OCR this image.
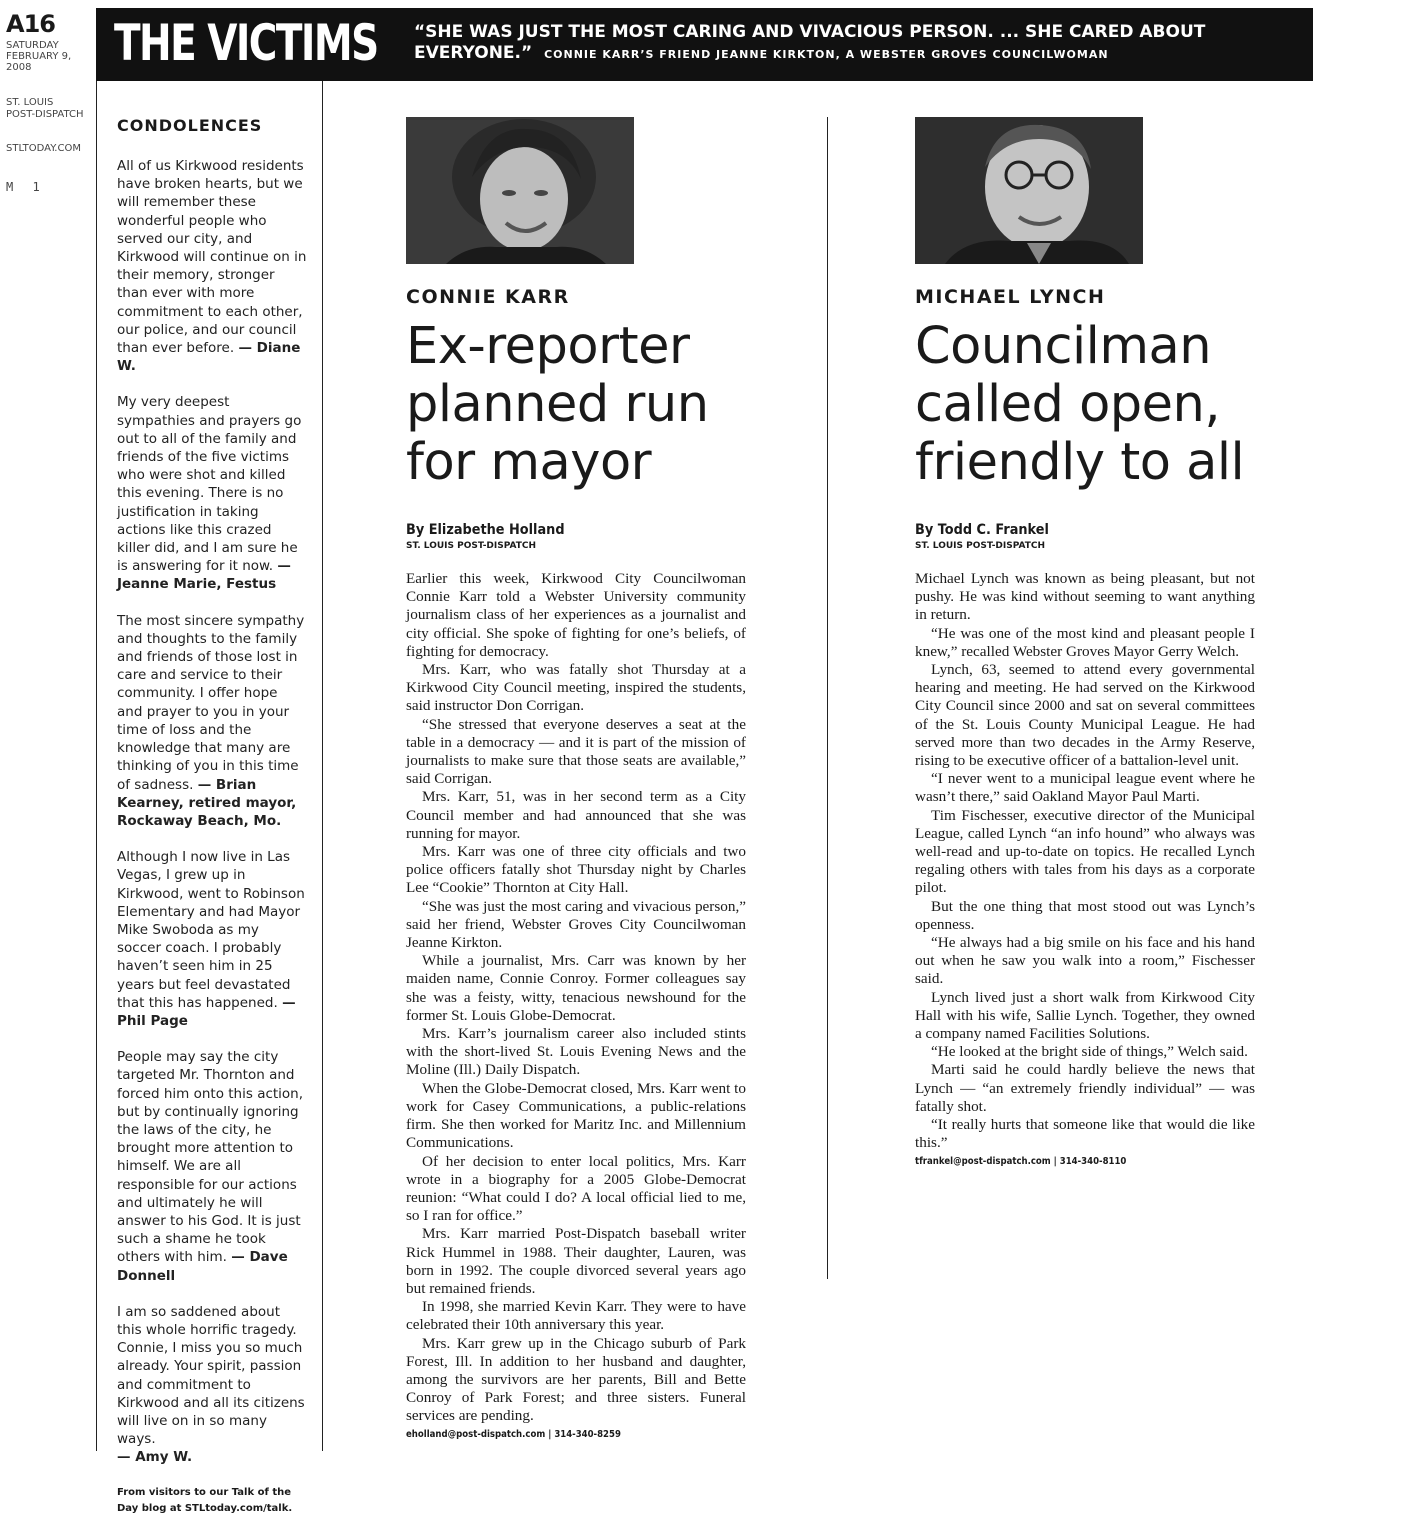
A16
SATURDAY
FEBRUARY 9,
2008
ST. LOUIS
POST-DISPATCH
STLTODAY.COM
M 1
THE VICTIMS “SHE WAS JUST THE MOST CARING AND VIVACIOUS PERSON. ... SHE CARED ABOUT EVERYONE.” CONNIE KARR’S FRIEND JEANNE KIRKTON, A WEBSTER GROVES COUNCILWOMAN
CONDOLENCES
All of us Kirkwood residents have broken hearts, but we will remember these wonderful people who served our city, and Kirkwood will continue on in their memory, stronger than ever with more commitment to each other, our police, and our council than ever before. — Diane W.
My very deepest sympathies and prayers go out to all of the family and friends of the five victims who were shot and killed this evening. There is no justification in taking actions like this crazed killer did, and I am sure he is answering for it now. — Jeanne Marie, Festus
The most sincere sympathy and thoughts to the family and friends of those lost in care and service to their community. I offer hope and prayer to you in your time of loss and the knowledge that many are thinking of you in this time of sadness. — Brian Kearney, retired mayor, Rockaway Beach, Mo.
Although I now live in Las Vegas, I grew up in Kirkwood, went to Robinson Elementary and had Mayor Mike Swoboda as my soccer coach. I probably haven’t seen him in 25 years but feel devastated that this has happened. — Phil Page
People may say the city targeted Mr. Thornton and forced him onto this action, but by continually ignoring the laws of the city, he brought more attention to himself. We are all responsible for our actions and ultimately he will answer to his God. It is just such a shame he took others with him. — Dave Donnell
I am so saddened about this whole horrific tragedy. Connie, I miss you so much already. Your spirit, passion and commitment to Kirkwood and all its citizens will live on in so many ways.
— Amy W.
From visitors to our Talk of the Day blog at STLtoday.com/talk.
CONNIE KARR
Ex-reporter planned run for mayor
By Elizabethe Holland
ST. LOUIS POST-DISPATCH

Earlier this week, Kirkwood City Councilwoman Connie Karr told a Webster University community journalism class of her experiences as a journalist and city official. She spoke of fighting for one’s beliefs, of fighting for democracy.

Mrs. Karr, who was fatally shot Thursday at a Kirkwood City Council meeting, inspired the students, said instructor Don Corrigan.

“She stressed that everyone deserves a seat at the table in a democracy — and it is part of the mission of journalists to make sure that those seats are available,” said Corrigan.

Mrs. Karr, 51, was in her second term as a City Council member and had announced that she was running for mayor.

Mrs. Karr was one of three city officials and two police officers fatally shot Thursday night by Charles Lee “Cookie” Thornton at City Hall.

“She was just the most caring and vivacious person,” said her friend, Webster Groves City Councilwoman Jeanne Kirkton.

While a journalist, Mrs. Carr was known by her maiden name, Connie Conroy. Former colleagues say she was a feisty, witty, tenacious newshound for the former St. Louis Globe-Democrat.

Mrs. Karr’s journalism career also included stints with the short-lived St. Louis Evening News and the Moline (Ill.) Daily Dispatch.

When the Globe-Democrat closed, Mrs. Karr went to work for Casey Communications, a public-relations firm. She then worked for Maritz Inc. and Millennium Communications.

Of her decision to enter local politics, Mrs. Karr wrote in a biography for a 2005 Globe-Democrat reunion: “What could I do? A local official lied to me, so I ran for office.”

Mrs. Karr married Post-Dispatch baseball writer Rick Hummel in 1988. Their daughter, Lauren, was born in 1992. The couple divorced several years ago but remained friends.

In 1998, she married Kevin Karr. They were to have celebrated their 10th anniversary this year.

Mrs. Karr grew up in the Chicago suburb of Park Forest, Ill. In addition to her husband and daughter, among the survivors are her parents, Bill and Bette Conroy of Park Forest; and three sisters. Funeral services are pending.

eholland@post-dispatch.com | 314-340-8259
MICHAEL LYNCH
Councilman called open, friendly to all
By Todd C. Frankel
ST. LOUIS POST-DISPATCH

Michael Lynch was known as being pleasant, but not pushy. He was kind without seeming to want anything in return.

“He was one of the most kind and pleasant people I knew,” recalled Webster Groves Mayor Gerry Welch.

Lynch, 63, seemed to attend every governmental hearing and meeting. He had served on the Kirkwood City Council since 2000 and sat on several committees of the St. Louis County Municipal League. He had served more than two decades in the Army Reserve, rising to be executive officer of a battalion-level unit.

“I never went to a municipal league event where he wasn’t there,” said Oakland Mayor Paul Marti.

Tim Fischesser, executive director of the Municipal League, called Lynch “an info hound” who always was well-read and up-to-date on topics. He recalled Lynch regaling others with tales from his days as a corporate pilot.

But the one thing that most stood out was Lynch’s openness.

“He always had a big smile on his face and his hand out when he saw you walk into a room,” Fischesser said.

Lynch lived just a short walk from Kirkwood City Hall with his wife, Sallie Lynch. Together, they owned a company named Facilities Solutions.

“He looked at the bright side of things,” Welch said.

Marti said he could hardly believe the news that Lynch — “an extremely friendly individual” — was fatally shot.

“It really hurts that someone like that would die like this.”

tfrankel@post-dispatch.com | 314-340-8110
